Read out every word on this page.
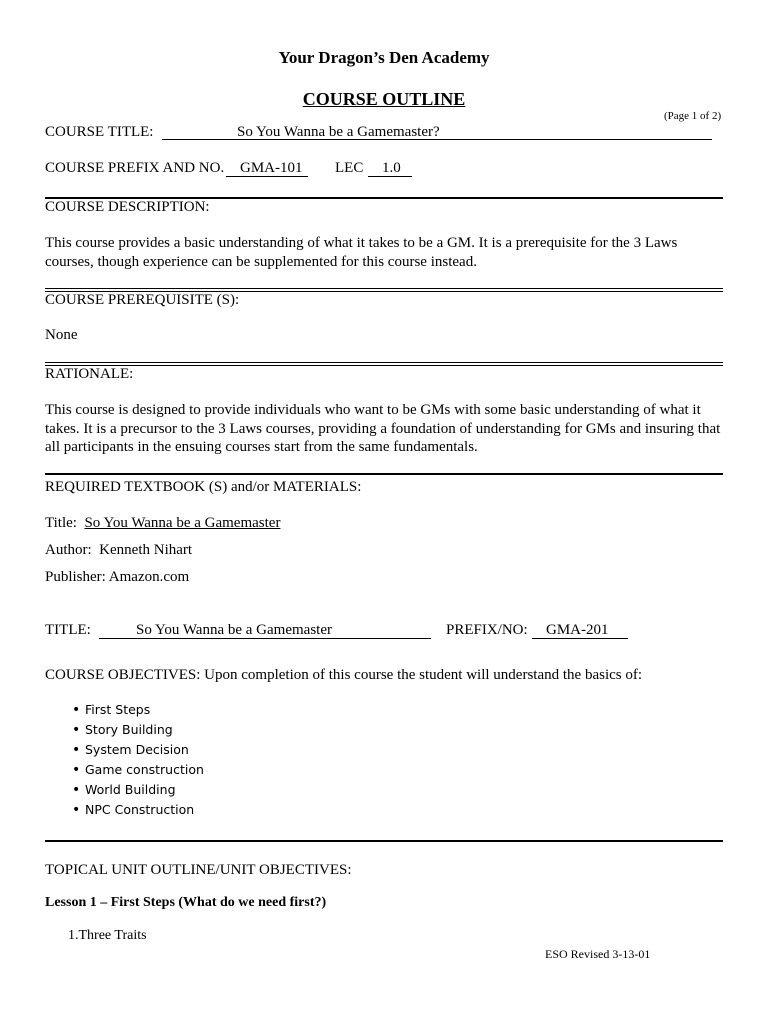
Your Dragon’s Den Academy
COURSE OUTLINE
(Page 1 of 2)
COURSE TITLE:	So You Wanna be a Gamemaster?
COURSE PREFIX AND NO. GMA-101 LEC 1.0
COURSE DESCRIPTION:
This course provides a basic understanding of what it takes to be a GM. It is a prerequisite for the 3 Laws courses, though experience can be supplemented for this course instead.
COURSE PREREQUISITE (S):
None
RATIONALE:
This course is designed to provide individuals who want to be GMs with some basic understanding of what it takes. It is a precursor to the 3 Laws courses, providing a foundation of understanding for GMs and insuring that all participants in the ensuing courses start from the same fundamentals.
REQUIRED TEXTBOOK (S) and/or MATERIALS:
Title: So You Wanna be a Gamemaster
Author: Kenneth Nihart
Publisher: Amazon.com
TITLE:	So You Wanna be a Gamemaster	PREFIX/NO: GMA-201
COURSE OBJECTIVES: Upon completion of this course the student will understand the basics of:
• First Steps
• Story Building
• System Decision
• Game construction
• World Building
• NPC Construction
TOPICAL UNIT OUTLINE/UNIT OBJECTIVES:
Lesson 1 – First Steps (What do we need first?)
1.Three Traits
ESO Revised 3-13-01
